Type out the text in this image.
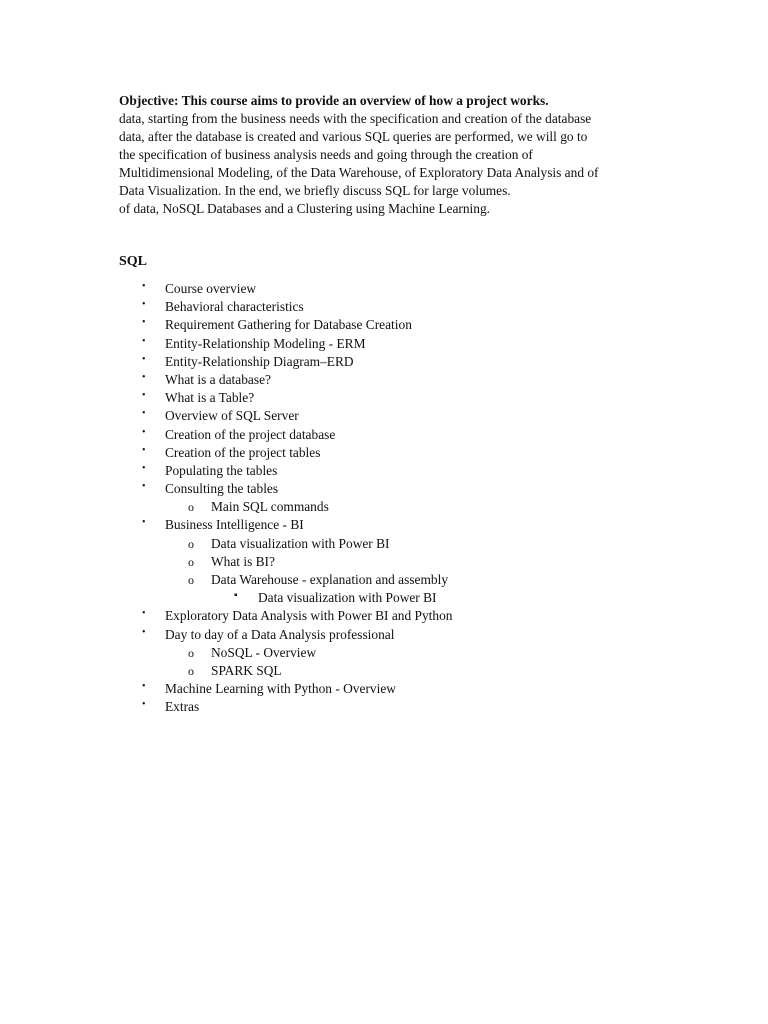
Objective: This course aims to provide an overview of how a project works.
data, starting from the business needs with the specification and creation of the database
data, after the database is created and various SQL queries are performed, we will go to
the specification of business analysis needs and going through the creation of
Multidimensional Modeling, of the Data Warehouse, of Exploratory Data Analysis and of
Data Visualization. In the end, we briefly discuss SQL for large volumes.
of data, NoSQL Databases and a Clustering using Machine Learning.
SQL
• Course overview
• Behavioral characteristics
• Requirement Gathering for Database Creation
• Entity-Relationship Modeling - ERM
• Entity-Relationship Diagram–ERD
• What is a database?
• What is a Table?
• Overview of SQL Server
• Creation of the project database
• Creation of the project tables
• Populating the tables
• Consulting the tables
o Main SQL commands
• Business Intelligence - BI
o Data visualization with Power BI
o What is BI?
o Data Warehouse - explanation and assembly
▪ Data visualization with Power BI
• Exploratory Data Analysis with Power BI and Python
• Day to day of a Data Analysis professional
o NoSQL - Overview
o SPARK SQL
• Machine Learning with Python - Overview
• Extras
